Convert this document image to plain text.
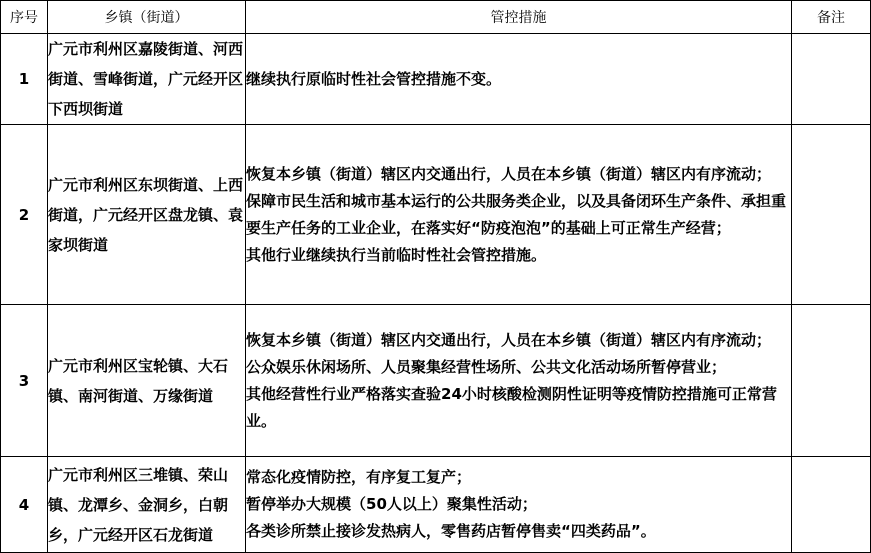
序号	乡镇（街道）	管控措施	备注
1	广元市利州区嘉陵街道、河西街道、雪峰街道，广元经开区下西坝街道	继续执行原临时性社会管控措施不变。	

2	广元市利州区东坝街道、上西街道，广元经开区盘龙镇、袁家坝街道	恢复本乡镇（街道）辖区内交通出行，人员在本乡镇（街道）辖区内有序流动；
保障市民生活和城市基本运行的公共服务类企业，以及具备闭环生产条件、承担重要生产任务的工业企业，在落实好“防疫泡泡”的基础上可正常生产经营；
其他行业继续执行当前临时性社会管控措施。	

3	广元市利州区宝轮镇、大石镇、南河街道、万缘街道	恢复本乡镇（街道）辖区内交通出行，人员在本乡镇（街道）辖区内有序流动；
公众娱乐休闲场所、人员聚集经营性场所、公共文化活动场所暂停营业；
其他经营性行业严格落实查验24小时核酸检测阴性证明等疫情防控措施可正常营业。	

4	广元市利州区三堆镇、荣山镇、龙潭乡、金洞乡，白朝乡，广元经开区石龙街道	常态化疫情防控，有序复工复产；
暂停举办大规模（50人以上）聚集性活动；
各类诊所禁止接诊发热病人，零售药店暂停售卖“四类药品”。	
